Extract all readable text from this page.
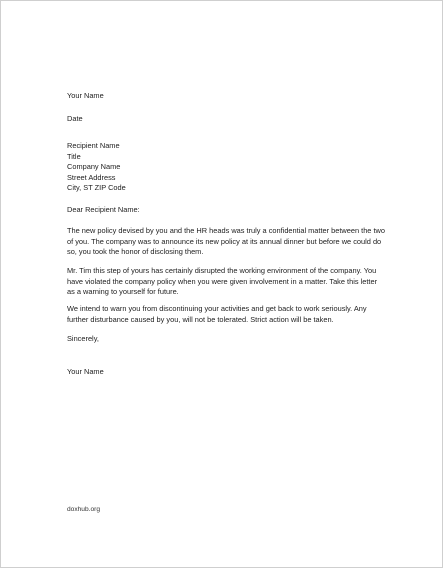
Your Name
Date
Recipient Name
Title
Company Name
Street Address
City, ST ZIP Code
Dear Recipient Name:
The new policy devised by you and the HR heads was truly a confidential matter between the two of you. The company was to announce its new policy at its annual dinner but before we could do so, you took the honor of disclosing them.
Mr. Tim this step of yours has certainly disrupted the working environment of the company. You have violated the company policy when you were given involvement in a matter. Take this letter as a warning to yourself for future.
We intend to warn you from discontinuing your activities and get back to work seriously. Any further disturbance caused by you, will not be tolerated. Strict action will be taken.
Sincerely,
Your Name
doxhub.org
